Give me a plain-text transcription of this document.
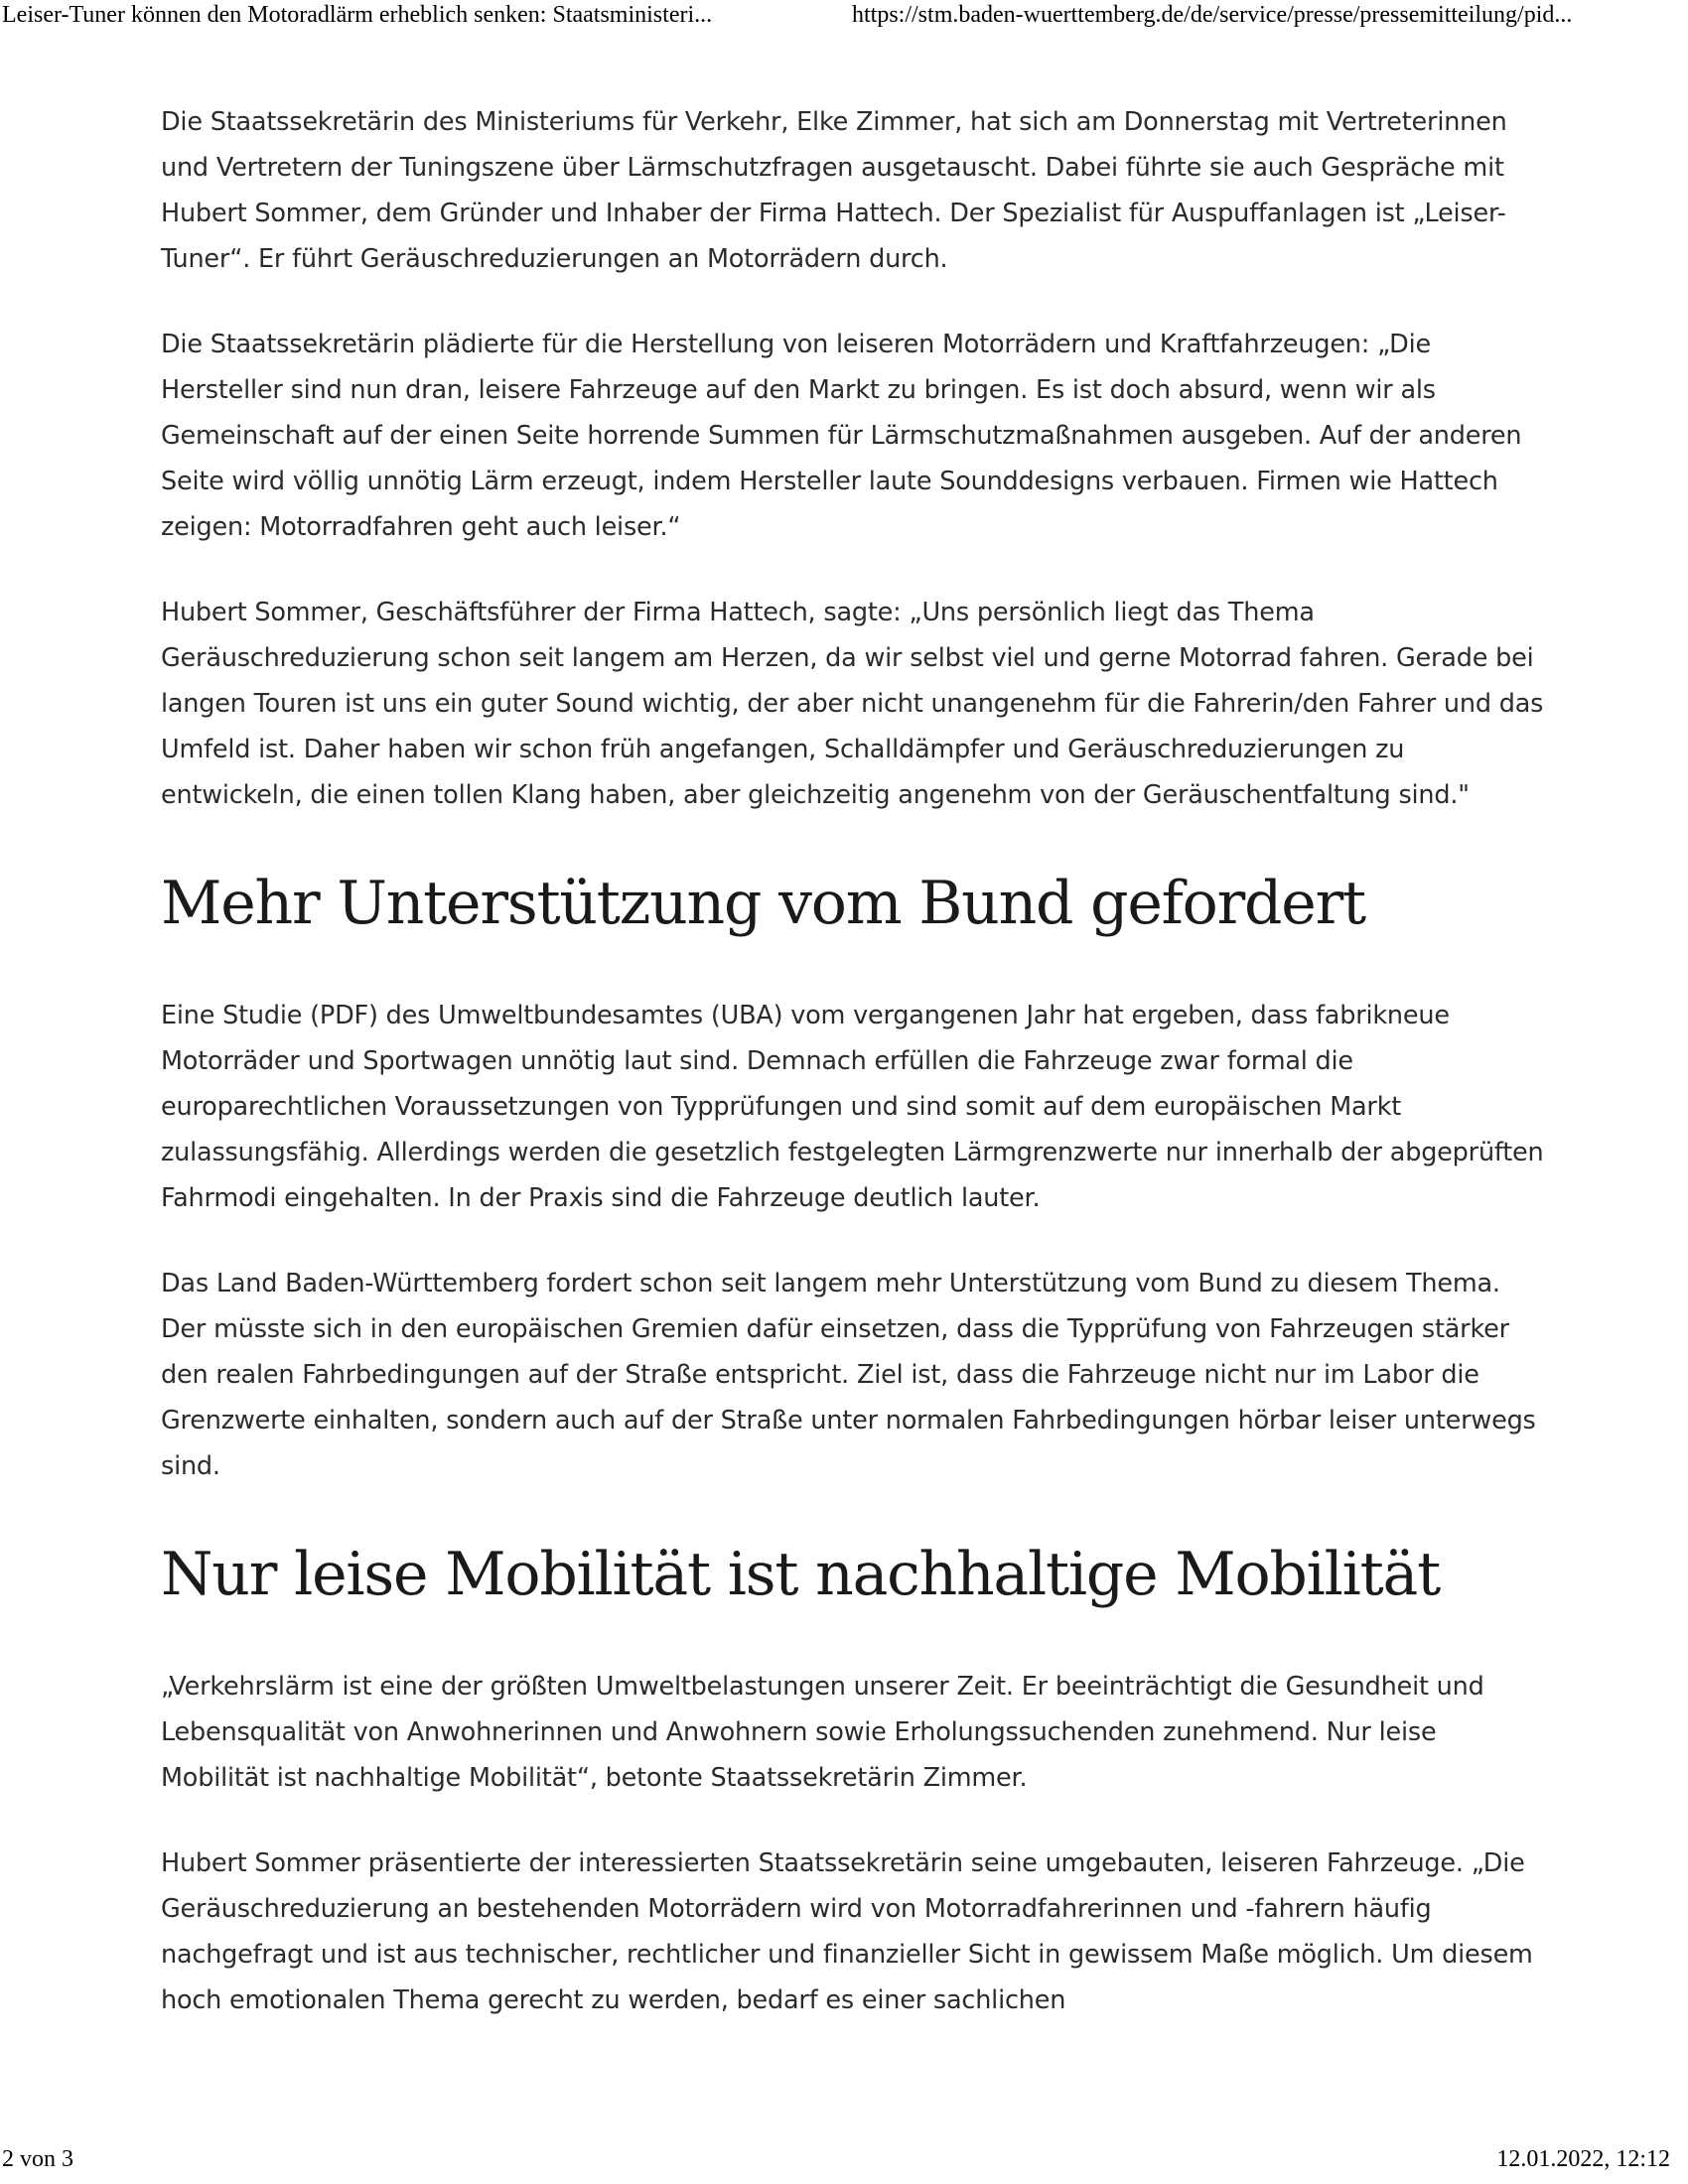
Leiser-Tuner können den Motoradlärm erheblich senken: Staatsministeri...	https://stm.baden-wuerttemberg.de/de/service/presse/pressemitteilung/pid...

Die Staatssekretärin des Ministeriums für Verkehr, Elke Zimmer, hat sich am Donnerstag mit Vertreterinnen und Vertretern der Tuningszene über Lärmschutzfragen ausgetauscht. Dabei führte sie auch Gespräche mit Hubert Sommer, dem Gründer und Inhaber der Firma Hattech. Der Spezialist für Auspuffanlagen ist „Leiser-Tuner“. Er führt Geräuschreduzierungen an Motorrädern durch.

Die Staatssekretärin plädierte für die Herstellung von leiseren Motorrädern und Kraftfahrzeugen: „Die Hersteller sind nun dran, leisere Fahrzeuge auf den Markt zu bringen. Es ist doch absurd, wenn wir als Gemeinschaft auf der einen Seite horrende Summen für Lärmschutzmaßnahmen ausgeben. Auf der anderen Seite wird völlig unnötig Lärm erzeugt, indem Hersteller laute Sounddesigns verbauen. Firmen wie Hattech zeigen: Motorradfahren geht auch leiser.“

Hubert Sommer, Geschäftsführer der Firma Hattech, sagte: „Uns persönlich liegt das Thema Geräuschreduzierung schon seit langem am Herzen, da wir selbst viel und gerne Motorrad fahren. Gerade bei langen Touren ist uns ein guter Sound wichtig, der aber nicht unangenehm für die Fahrerin/den Fahrer und das Umfeld ist. Daher haben wir schon früh angefangen, Schalldämpfer und Geräuschreduzierungen zu entwickeln, die einen tollen Klang haben, aber gleichzeitig angenehm von der Geräuschentfaltung sind."

Mehr Unterstützung vom Bund gefordert

Eine Studie (PDF) des Umweltbundesamtes (UBA) vom vergangenen Jahr hat ergeben, dass fabrikneue Motorräder und Sportwagen unnötig laut sind. Demnach erfüllen die Fahrzeuge zwar formal die europarechtlichen Voraussetzungen von Typprüfungen und sind somit auf dem europäischen Markt zulassungsfähig. Allerdings werden die gesetzlich festgelegten Lärmgrenzwerte nur innerhalb der abgeprüften Fahrmodi eingehalten. In der Praxis sind die Fahrzeuge deutlich lauter.

Das Land Baden-Württemberg fordert schon seit langem mehr Unterstützung vom Bund zu diesem Thema. Der müsste sich in den europäischen Gremien dafür einsetzen, dass die Typprüfung von Fahrzeugen stärker den realen Fahrbedingungen auf der Straße entspricht. Ziel ist, dass die Fahrzeuge nicht nur im Labor die Grenzwerte einhalten, sondern auch auf der Straße unter normalen Fahrbedingungen hörbar leiser unterwegs sind.

Nur leise Mobilität ist nachhaltige Mobilität

„Verkehrslärm ist eine der größten Umweltbelastungen unserer Zeit. Er beeinträchtigt die Gesundheit und Lebensqualität von Anwohnerinnen und Anwohnern sowie Erholungssuchenden zunehmend. Nur leise Mobilität ist nachhaltige Mobilität“, betonte Staatssekretärin Zimmer.

Hubert Sommer präsentierte der interessierten Staatssekretärin seine umgebauten, leiseren Fahrzeuge. „Die Geräuschreduzierung an bestehenden Motorrädern wird von Motorradfahrerinnen und -fahrern häufig nachgefragt und ist aus technischer, rechtlicher und finanzieller Sicht in gewissem Maße möglich. Um diesem hoch emotionalen Thema gerecht zu werden, bedarf es einer sachlichen

2 von 3	12.01.2022, 12:12
